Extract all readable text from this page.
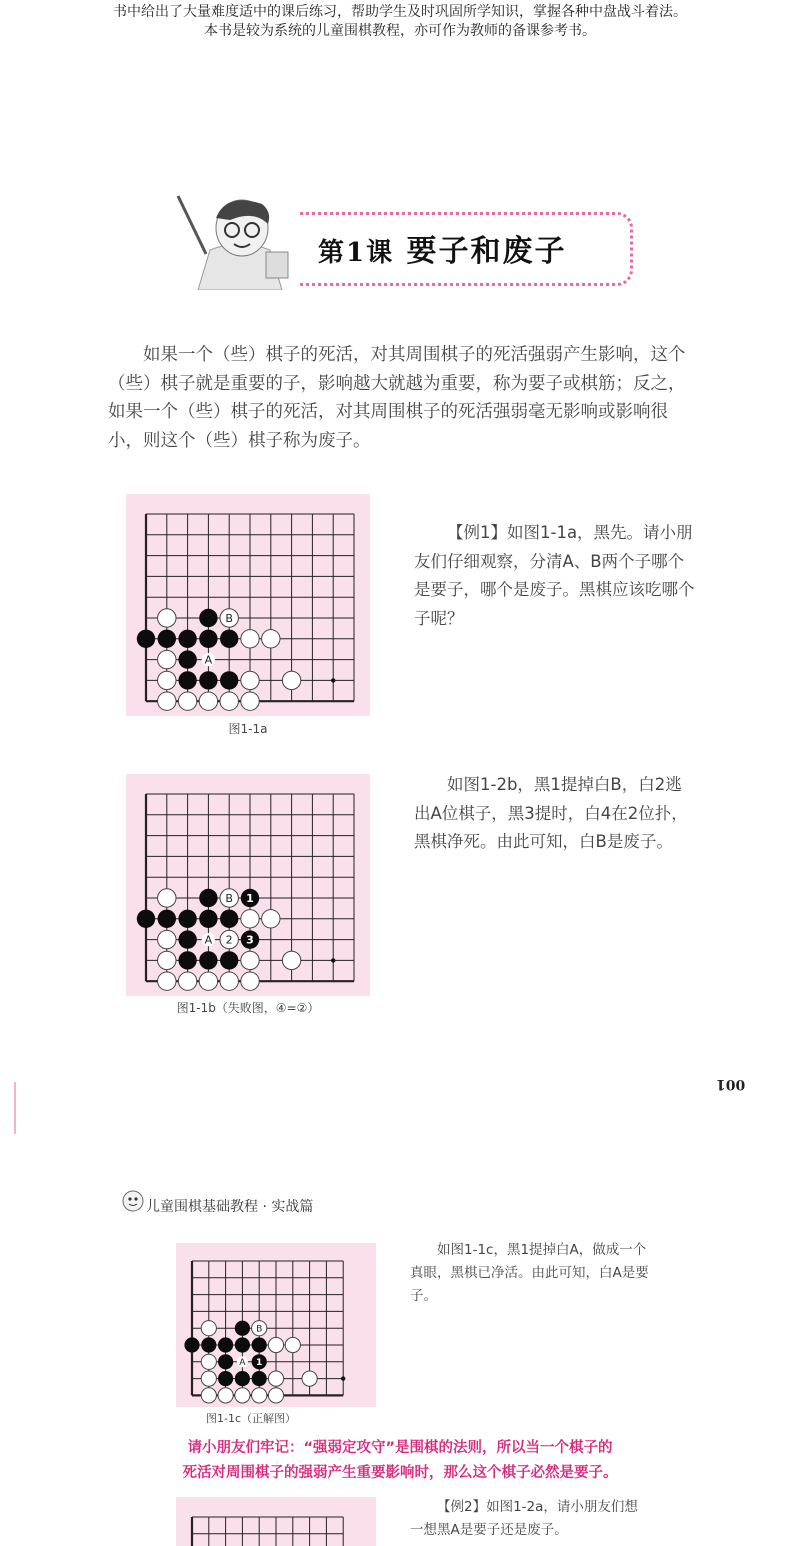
书中给出了大量难度适中的课后练习，帮助学生及时巩固所学知识，掌握各种中盘战斗着法。
本书是较为系统的儿童围棋教程，亦可作为教师的备课参考书。
第1课 要子和废子

如果一个（些）棋子的死活，对其周围棋子的死活强弱产生影响，这个（些）棋子就是重要的子，影响越大就越为重要，称为要子或棋筋；反之，如果一个（些）棋子的死活，对其周围棋子的死活强弱毫无影响或影响很小，则这个（些）棋子称为废子。

B
A
图1-1a

【例1】如图1-1a，黑先。请小朋友们仔细观察，分清A、B两个子哪个是要子，哪个是废子。黑棋应该吃哪个子呢？

2
B
3
1
A
图1-1b（失败图，④=②）

如图1-2b，黑1提掉白B，白2逃出A位棋子，黑3提时，白4在2位扑，黑棋净死。由此可知，白B是废子。

001
儿童围棋基础教程 · 实战篇
B
1
A
图1-1c（正解图）

如图1-1c，黑1提掉白A，做成一个真眼，黑棋已净活。由此可知，白A是要子。

请小朋友们牢记：“强弱定攻守”是围棋的法则，所以当一个棋子的
死活对周围棋子的强弱产生重要影响时，那么这个棋子必然是要子。

【例2】如图1-2a，请小朋友们想一想黑A是要子还是废子。
